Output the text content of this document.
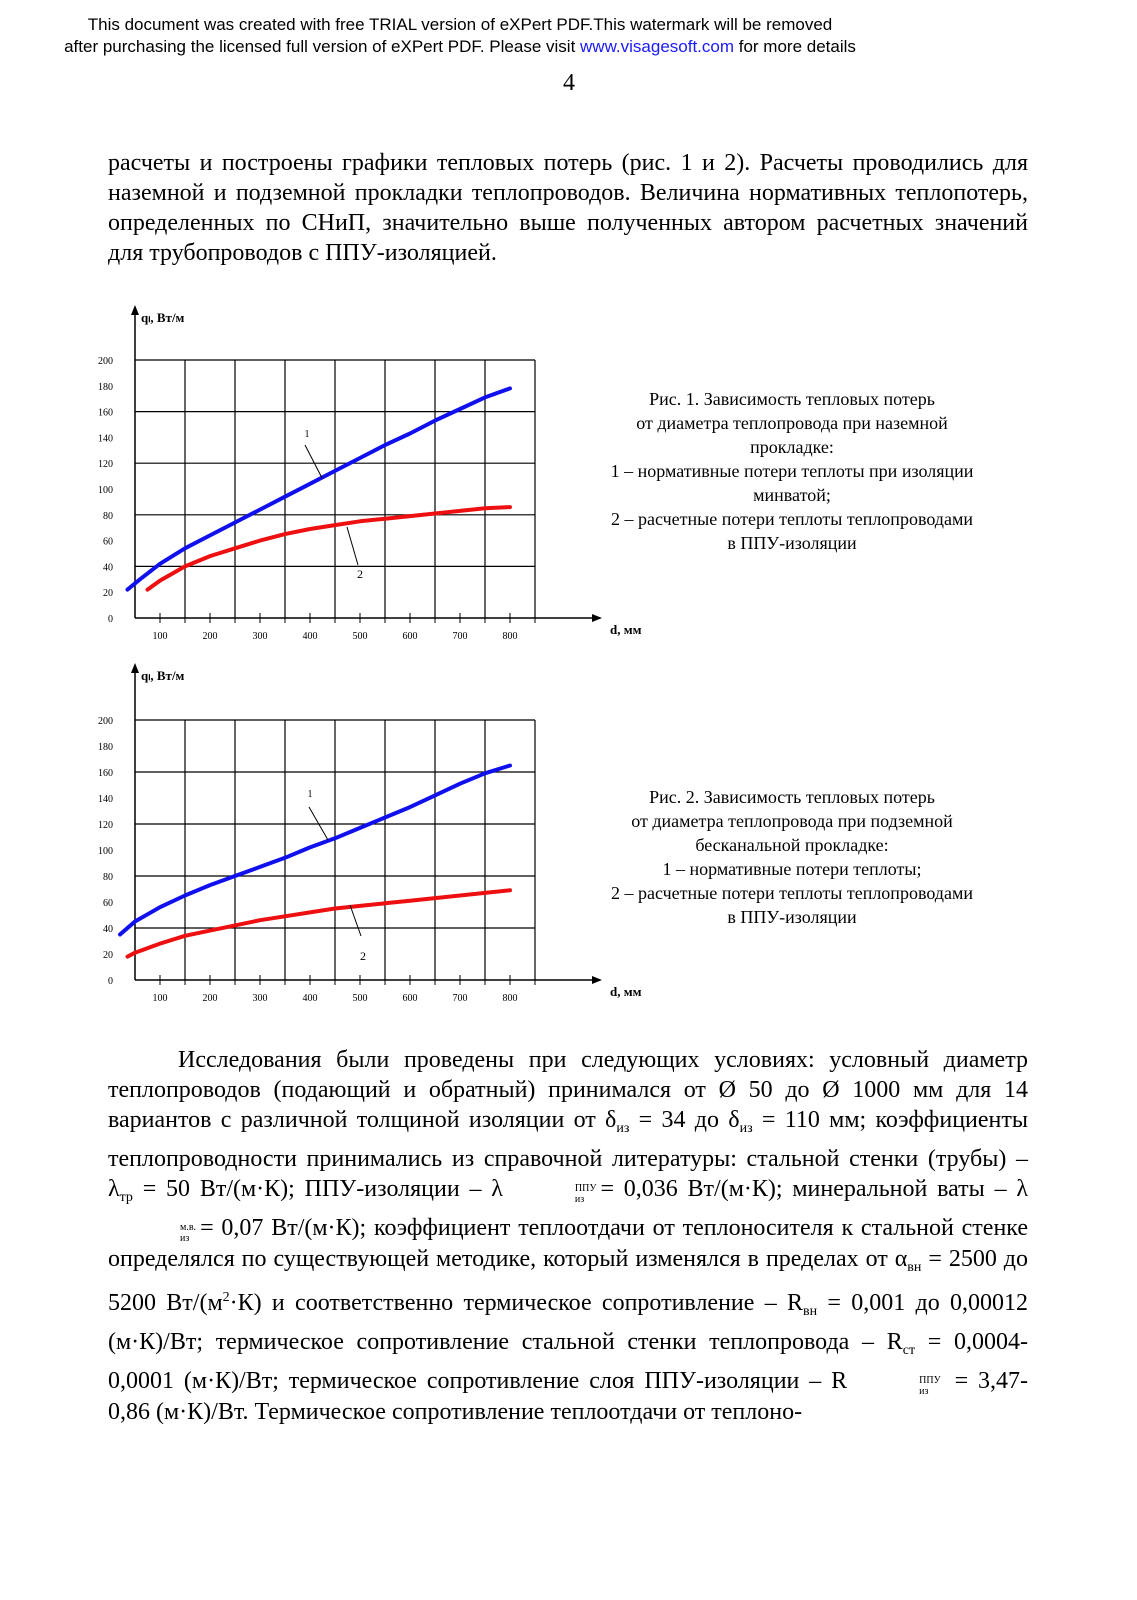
This document was created with free TRIAL version of eXPert PDF.This watermark will be removed
after purchasing the licensed full version of eXPert PDF. Please visit www.visagesoft.com for more details
4

расчеты и построены графики тепловых потерь (рис. 1 и 2). Расчеты проводились для наземной и подземной прокладки теплопроводов. Величина нормативных теплопотерь, определенных по СНиП, значительно выше полученных автором расчетных значений для трубопроводов с ППУ-изоляцией.

100	200	300	400	500	600	700	800
0
20
40
60
80
100
120
140
160
180
200
qₗ, Вт/м
d, мм
1
2
Рис. 1. Зависимость тепловых потерь
от диаметра теплопровода при наземной
прокладке:
1 – нормативные потери теплоты при изоляции
минватой;
2 – расчетные потери теплоты теплопроводами
в ППУ-изоляции
100	200	300	400	500	600	700	800
0
20
40
60
80
100
120
140
160
180
200
qₗ, Вт/м
d, мм
1
2
Рис. 2. Зависимость тепловых потерь
от диаметра теплопровода при подземной
бесканальной прокладке:
1 – нормативные потери теплоты;
2 – расчетные потери теплоты теплопроводами
в ППУ-изоляции

Исследования были проведены при следующих условиях: условный диаметр теплопроводов (подающий и обратный) принимался от Ø 50 до Ø 1000 мм для 14 вариантов с различной толщиной изоляции от $\delta_{из} = 34$ до $\delta_{из} = 110$ мм; коэффициенты теплопроводности принимались из справочной литературы: стальной стенки (трубы) – $\lambda_{тр} = 50$ Вт/(м·К); ППУ-изоляции – λ	ППУ
из = 0,036 Вт/(м·К); минеральной ваты – λ
м.в.
из = 0,07 Вт/(м·К); коэффициент теплоотдачи от теплоносителя к стальной стенке определялся по существующей методике, который изменялся в пределах от $\alpha_{вн} = 2500$ до 5200 $Вт/(м^2\cdot К)$ и соответственно термическое сопротивление – $R_{вн} = 0,001$ до 0,00012 (м·К)/Вт; термическое сопротивление стальной стенки теплопровода – $R_{ст} = 0,0004-0,0001$ (м·К)/Вт; термическое сопротивление слоя ППУ-изоляции – R	ППУ
из = 3,47-0,86 (м·К)/Вт. Термическое сопротивление теплоотдачи от теплоно-
